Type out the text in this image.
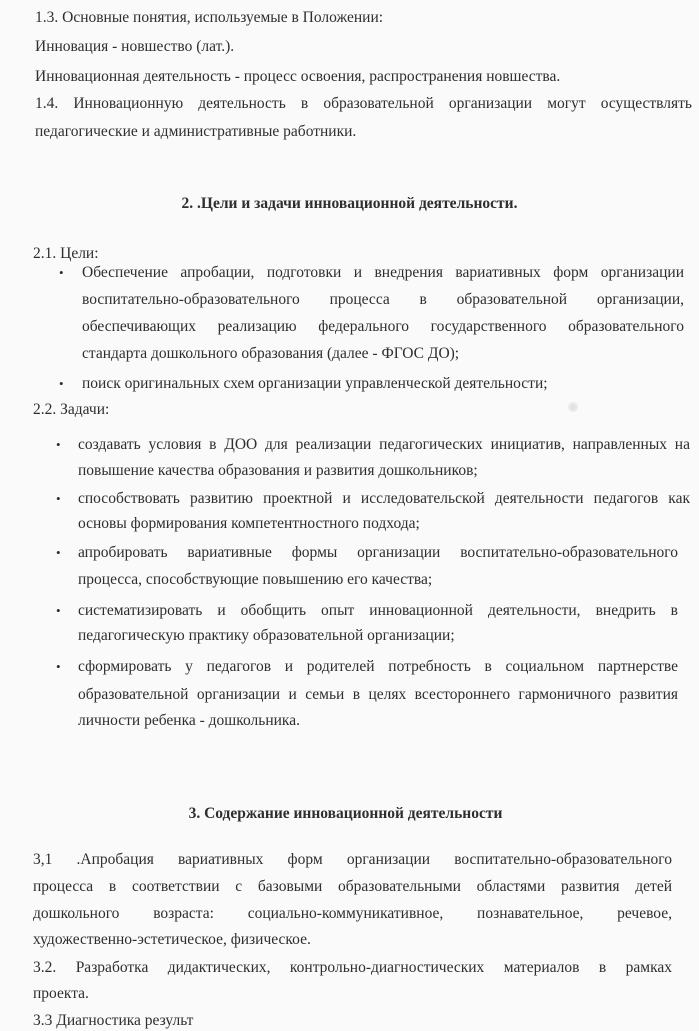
1.3. Основные понятия, используемые в Положении:
Инновация - новшество (лат.).
Инновационная деятельность - процесс освоения, распространения новшества.
1.4. Инновационную деятельность в образовательной организации могут осуществлять
педагогические и административные работники.
2. .Цели и задачи инновационной деятельности.
2.1. Цели:
• Обеспечение апробации, подготовки и внедрения вариативных форм организации
воспитательно-образовательного процесса в образовательной организации,
обеспечивающих реализацию федерального государственного образовательного
стандарта дошкольного образования (далее - ФГОС ДО);
• поиск оригинальных схем организации управленческой деятельности;
2.2. Задачи:
• создавать условия в ДОО для реализации педагогических инициатив, направленных на
повышение качества образования и развития дошкольников;
• способствовать развитию проектной и исследовательской деятельности педагогов как
основы формирования компетентностного подхода;
• апробировать вариативные формы организации воспитательно-образовательного
процесса, способствующие повышению его качества;
• систематизировать и обобщить опыт инновационной деятельности, внедрить в
педагогическую практику образовательной организации;
• сформировать у педагогов и родителей потребность в социальном партнерстве
образовательной организации и семьи в целях всестороннего гармоничного развития
личности ребенка - дошкольника.
3. Содержание инновационной деятельности
3,1 .Апробация вариативных форм организации воспитательно-образовательного
процесса в соответствии с базовыми образовательными областями развития детей
дошкольного возраста: социально-коммуникативное, познавательное, речевое,
художественно-эстетическое, физическое.
3.2. Разработка дидактических, контрольно-диагностических материалов в рамках
проекта.
3.3 Диагностика результ
